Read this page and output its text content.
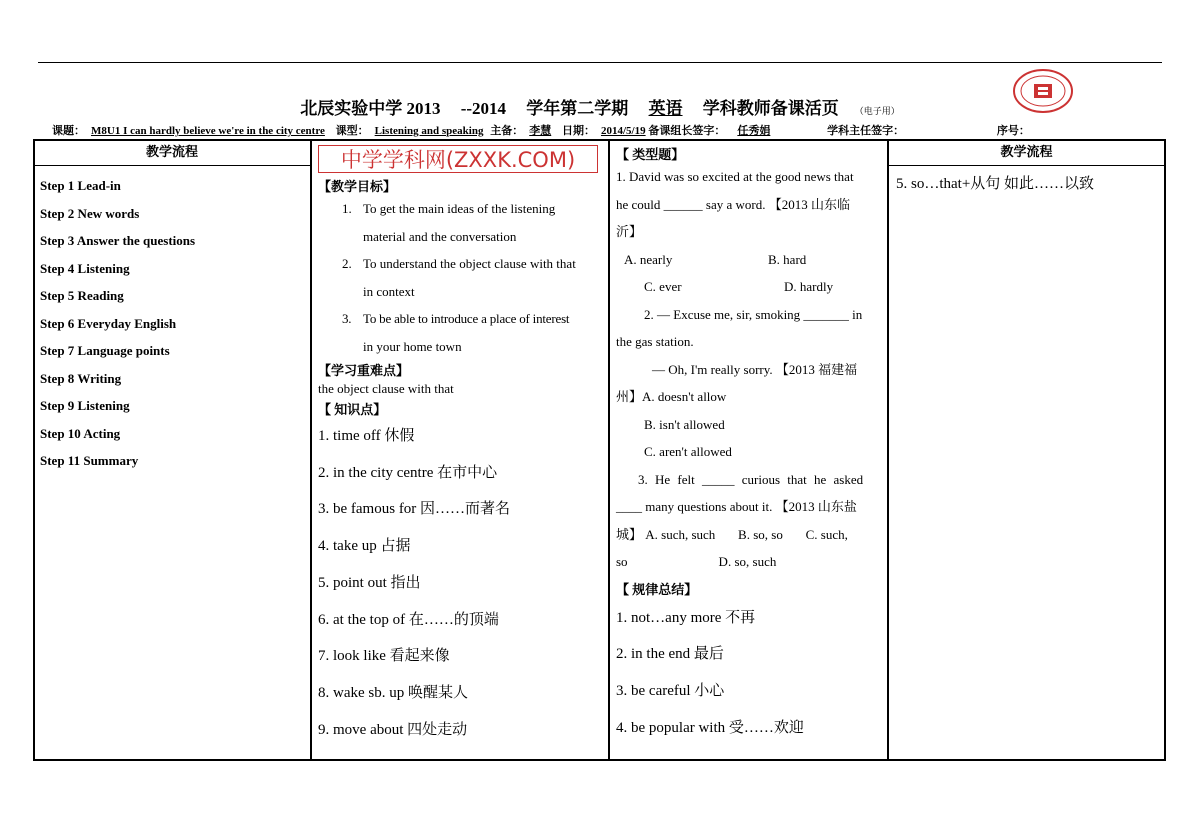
北辰实验中学 2013 --2014 学年第二学期 英语 学科教师备课活页 （电子用）
课题： M8U1 I can hardly believe we're in the city centre 课型： Listening and speaking 主备： 李慧 日期： 2014/5/19 备课组长签字： 任秀娟	学科主任签字：	序号：
教学流程	教学流程
Step 1 Lead-in
Step 2 New words
Step 3 Answer the questions
Step 4 Listening
Step 5 Reading
Step 6 Everyday English
Step 7 Language points
Step 8 Writing
Step 9 Listening
Step 10 Acting
Step 11 Summary
中学学科网(ZXXK.COM)

【教学目标】

1. To get the main ideas of the listening
material and the conversation
2. To understand the object clause with that
in context
3. To be able to introduce a place of interest
in your home town

【学习重难点】

the object clause with that

【 知识点】

1. time off 休假
2. in the city centre 在市中心
3. be famous for 因……而著名
4. take up 占据
5. point out 指出
6. at the top of 在……的顶端
7. look like 看起来像
8. wake sb. up 唤醒某人
9. move about 四处走动
【 类型题】
1. David was so excited at the good news that
he could ______ say a word. 【2013 山东临
沂】
A. nearly	B. hard
C. ever	D. hardly
2. — Excuse me, sir, smoking _______ in
the gas station.
— Oh, I'm really sorry. 【2013 福建福
州】A. doesn't allow
B. isn't allowed
C. aren't allowed
3. He felt _____ curious that he asked
____ many questions about it. 【2013 山东盐
城】 A. such, such       B. so, so       C. such,
so                            D. so, such
【 规律总结】
1. not…any more 不再
2. in the end 最后
3. be careful 小心
4. be popular with 受……欢迎
5. so…that+从句 如此……以致
